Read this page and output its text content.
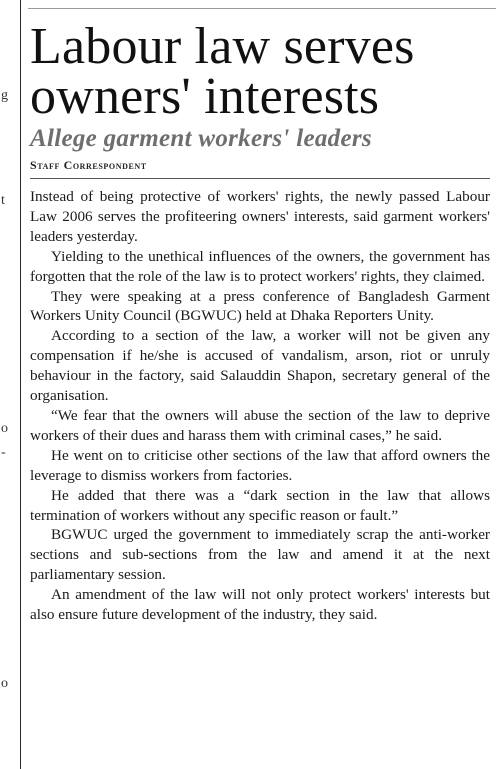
g
t
o
-
o
Labour law serves owners' interests
Allege garment workers' leaders
Staff Correspondent

Instead of being protective of workers' rights, the newly passed Labour Law 2006 serves the profiteering owners' interests, said garment workers' leaders yesterday.

Yielding to the unethical influences of the owners, the government has forgotten that the role of the law is to protect workers' rights, they claimed.

They were speaking at a press conference of Bangladesh Garment Workers Unity Council (BGWUC) held at Dhaka Reporters Unity.

According to a section of the law, a worker will not be given any compensation if he/she is accused of vandalism, arson, riot or unruly behaviour in the factory, said Salauddin Shapon, secretary general of the organisation.

“We fear that the owners will abuse the section of the law to deprive workers of their dues and harass them with criminal cases,” he said.

He went on to criticise other sections of the law that afford owners the leverage to dismiss workers from factories.

He added that there was a “dark section in the law that allows termination of workers without any specific reason or fault.”

BGWUC urged the government to immediately scrap the anti-worker sections and sub-sections from the law and amend it at the next parliamentary session.

An amendment of the law will not only protect workers' interests but also ensure future development of the industry, they said.
